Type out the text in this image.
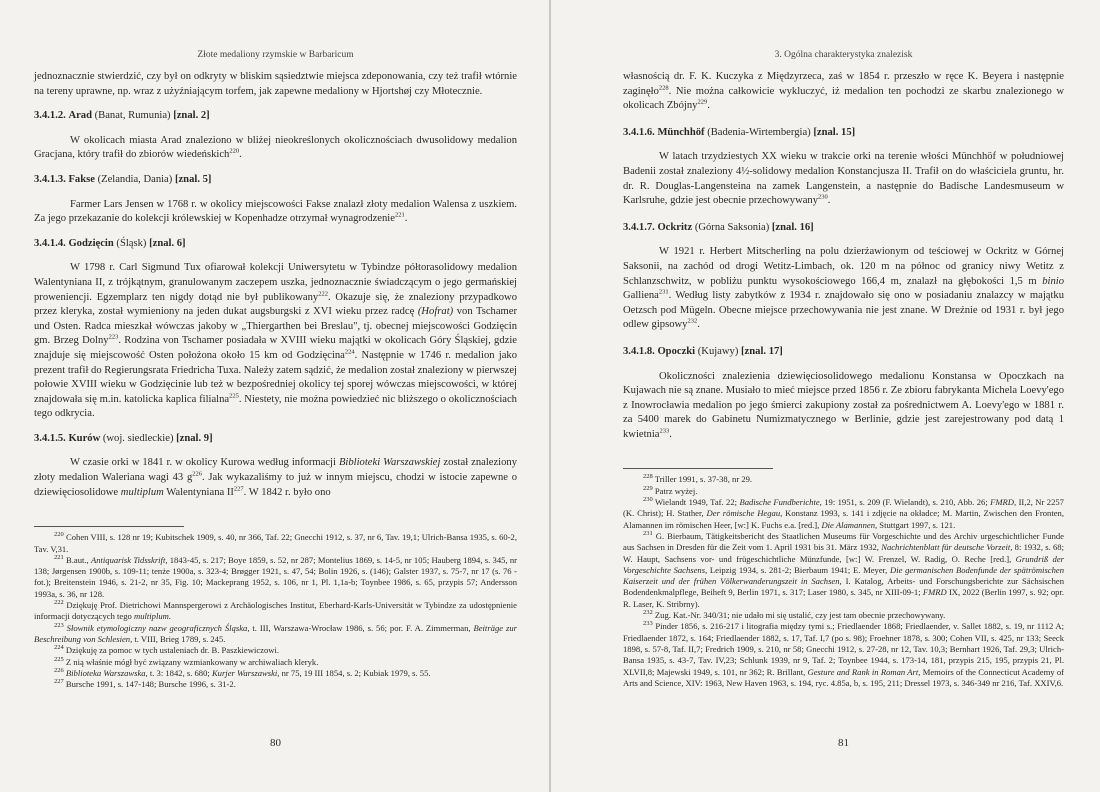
Złote medaliony rzymskie w Barbaricum

jednoznacznie stwierdzić, czy był on odkryty w bliskim sąsiedztwie miejsca zdeponowania, czy też trafił wtórnie na tereny uprawne, np. wraz z użyźniającym torfem, jak zapewne medaliony w Hjortshøj czy Młotecznie.

3.4.1.2. Arad (Banat, Rumunia) [znal. 2]

W okolicach miasta Arad znaleziono w bliżej nieokreślonych okolicznościach dwusolidowy medalion Gracjana, który trafił do zbiorów wiedeńskich$^{220}$.

3.4.1.3. Fakse (Zelandia, Dania) [znal. 5]

Farmer Lars Jensen w 1768 r. w okolicy miejscowości Fakse znalazł złoty medalion Walensa z uszkiem. Za jego przekazanie do kolekcji królewskiej w Kopenhadze otrzymał wynagrodzenie$^{221}$.

3.4.1.4. Godzięcin (Śląsk) [znal. 6]

W 1798 r. Carl Sigmund Tux ofiarował kolekcji Uniwersytetu w Tybindze półtorasolidowy medalion Walentyniana II, z trójkątnym, granulowanym zaczepem uszka, jednoznacznie świadczącym o jego germańskiej proweniencji. Egzemplarz ten nigdy dotąd nie był publikowany$^{222}$. Okazuje się, że znaleziony przypadkowo przez kleryka, został wymieniony na jeden dukat augsburgski z XVI wieku przez radcę (Hofrat) von Tschamer und Osten. Radca mieszkał wówczas jakoby w „Thiergarthen bei Breslau", tj. obecnej miejscowości Godzięcin gm. Brzeg Dolny$^{223}$. Rodzina von Tschamer posiadała w XVIII wieku majątki w okolicach Góry Śląskiej, gdzie znajduje się miejscowość Osten położona około 15 km od Godzięcina$^{224}$. Następnie w 1746 r. medalion jako prezent trafił do Regierungsrata Friedricha Tuxa. Należy zatem sądzić, że medalion został znaleziony w pierwszej połowie XVIII wieku w Godzięcinie lub też w bezpośredniej okolicy tej sporej wówczas miejscowości, w której znajdowała się m.in. katolicka kaplica filialna$^{225}$. Niestety, nie można powiedzieć nic bliższego o okolicznościach tego odkrycia.

3.4.1.5. Kurów (woj. siedleckie) [znal. 9]

W czasie orki w 1841 r. w okolicy Kurowa według informacji Biblioteki Warszawskiej został znaleziony złoty medalion Waleriana wagi 43 $g^{226}$. Jak wykazaliśmy to już w innym miejscu, chodzi w istocie zapewne o dziewięciosolidowe multiplum Walentyniana II$^{227}$. W 1842 r. było ono

$^{220}$ Cohen VIII, s. 128 nr 19; Kubitschek 1909, s. 40, nr 366, Taf. 22; Gnecchi 1912, s. 37, nr 6, Tav. 19,1; Ulrich-Bansa 1935, s. 60-2, Tav. V,31.

$^{221}$ B.aut., Antiquarisk Tidsskrift, 1843-45, s. 217; Boye 1859, s. 52, nr 287; Montelius 1869, s. 14-5, nr 105; Hauberg 1894, s. 345, nr 138; Jørgensen 1900b, s. 109-11; tenże 1900a, s. 323-4; Brøgger 1921, s. 47, 54; Bolin 1926, s. (146); Galster 1937, s. 75-7, nr 17 (s. 76 - fot.); Breitenstein 1946, s. 21-2, nr 35, Fig. 10; Mackeprang 1952, s. 106, nr 1, Pl. 1,1a-b; Toynbee 1986, s. 65, przypis 57; Andersson 1993a, s. 36, nr 128.

$^{222}$ Dziękuję Prof. Dietrichowi Mannspergerowi z Archäologisches Institut, Eberhard-Karls-Universität w Tybindze za udostępnienie informacji dotyczących tego multiplum.

$^{223}$ Słownik etymologiczny nazw geograficznych Śląska, t. III, Warszawa-Wrocław 1986, s. 56; por. F. A. Zimmerman, Beiträge zur Beschreibung von Schlesien, t. VIII, Brieg 1789, s. 245.

$^{224}$ Dziękuję za pomoc w tych ustaleniach dr. B. Paszkiewiczowi.

$^{225}$ Z nią właśnie mógł być związany wzmiankowany w archiwaliach kleryk.

$^{226}$ Biblioteka Warszawska, t. 3: 1842, s. 680; Kurjer Warszawski, nr 75, 19 III 1854, s. 2; Kubiak 1979, s. 55.

$^{227}$ Bursche 1991, s. 147-148; Bursche 1996, s. 31-2.

80
3. Ogólna charakterystyka znalezisk

własnością dr. F. K. Kuczyka z Międzyrzeca, zaś w 1854 r. przeszło w ręce K. Beyera i następnie zaginęło$^{228}$. Nie można całkowicie wykluczyć, iż medalion ten pochodzi ze skarbu znalezionego w okolicach Zbójny$^{229}$.

3.4.1.6. Münchhöf (Badenia-Wirtembergia) [znal. 15]

W latach trzydziestych XX wieku w trakcie orki na terenie włości Münchhöf w południowej Badenii został znaleziony 4½-solidowy medalion Konstancjusza II. Trafił on do właściciela gruntu, hr. dr. R. Douglas-Langensteina na zamek Langenstein, a następnie do Badische Landesmuseum w Karlsruhe, gdzie jest obecnie przechowywany$^{230}$.

3.4.1.7. Ockritz (Górna Saksonia) [znal. 16]

W 1921 r. Herbert Mitscherling na polu dzierżawionym od teściowej w Ockritz w Górnej Saksonii, na zachód od drogi Wetitz-Limbach, ok. 120 m na północ od granicy niwy Wetitz z Schlanzschwitz, w pobliżu punktu wysokościowego 166,4 m, znalazł na głębokości 1,5 m binio Galliena$^{231}$. Według listy zabytków z 1934 r. znajdowało się ono w posiadaniu znalazcy w majątku Oetzsch pod Mügeln. Obecne miejsce przechowywania nie jest znane. W Dreźnie od 1931 r. był jego odlew gipsowy$^{232}$.

3.4.1.8. Opoczki (Kujawy) [znal. 17]

Okoliczności znalezienia dziewięciosolidowego medalionu Konstansa w Opoczkach na Kujawach nie są znane. Musiało to mieć miejsce przed 1856 r. Ze zbioru fabrykanta Michela Loevy'ego z Inowrocławia medalion po jego śmierci zakupiony został za pośrednictwem A. Loevy'ego w 1881 r. za 5400 marek do Gabinetu Numizmatycznego w Berlinie, gdzie jest zarejestrowany pod datą 1 kwietnia$^{233}$.

$^{228}$ Triller 1991, s. 37-38, nr 29.

$^{229}$ Patrz wyżej.

$^{230}$ Wielandt 1949, Taf. 22; Badische Fundberichte, 19: 1951, s. 209 (F. Wielandt), s. 210, Abb. 26; FMRD, II,2, Nr 2257 (K. Christ); H. Stather, Der römische Hegau, Konstanz 1993, s. 141 i zdjęcie na okładce; M. Martin, Zwischen den Fronten, Alamannen im römischen Heer, [w:] K. Fuchs e.a. [red.], Die Alamannen, Stuttgart 1997, s. 121.

$^{231}$ G. Bierbaum, Tätigkeitsbericht des Staatlichen Museums für Vorgeschichte und des Archiv urgeschichtlicher Funde aus Sachsen in Dresden für die Zeit vom 1. April 1931 bis 31. März 1932, Nachrichtenblatt für deutsche Vorzeit, 8: 1932, s. 68; W. Haupt, Sachsens vor- und frügeschichtliche Münzfunde, [w:] W. Frenzel, W. Radig, O. Reche [red.], Grundriß der Vorgeschichte Sachsens, Leipzig 1934, s. 281-2; Bierbaum 1941; E. Meyer, Die germanischen Bodenfunde der spätrömischen Kaiserzeit und der frühen Völkerwanderungszeit in Sachsen, I. Katalog, Arbeits- und Forschungsberichte zur Sächsischen Bodendenkmalpflege, Beiheft 9, Berlin 1971, s. 317; Laser 1980, s. 345, nr XIII-09-1; FMRD IX, 2022 (Berlin 1997, s. 92; opr. R. Laser, K. Stribrny).

$^{232}$ Zug. Kat.-Nr. 340/31; nie udało mi się ustalić, czy jest tam obecnie przechowywany.

$^{233}$ Pinder 1856, s. 216-217 i litografia między tymi s.; Friedlaender 1868; Friedlaender, v. Sallet 1882, s. 19, nr 1112 A; Friedlaender 1872, s. 164; Friedlaender 1882, s. 17, Taf. I,7 (po s. 98); Froehner 1878, s. 300; Cohen VII, s. 425, nr 133; Seeck 1898, s. 57-8, Taf. II,7; Fredrich 1909, s. 210, nr 58; Gnecchi 1912, s. 27-28, nr 12, Tav. 10,3; Bernhart 1926, Taf. 29,3; Ulrich-Bansa 1935, s. 43-7, Tav. IV,23; Schlunk 1939, nr 9, Taf. 2; Toynbee 1944, s. 173-14, 181, przypis 215, 195, przypis 21, Pl. XLVII,8; Majewski 1949, s. 101, nr 362; R. Brillant, Gesture and Rank in Roman Art, Memoirs of the Connecticut Academy of Arts and Science, XIV: 1963, New Haven 1963, s. 194, ryc. 4.85a, b, s. 195, 211; Dressel 1973, s. 346-349 nr 216, Taf. XXIV,6.

81
